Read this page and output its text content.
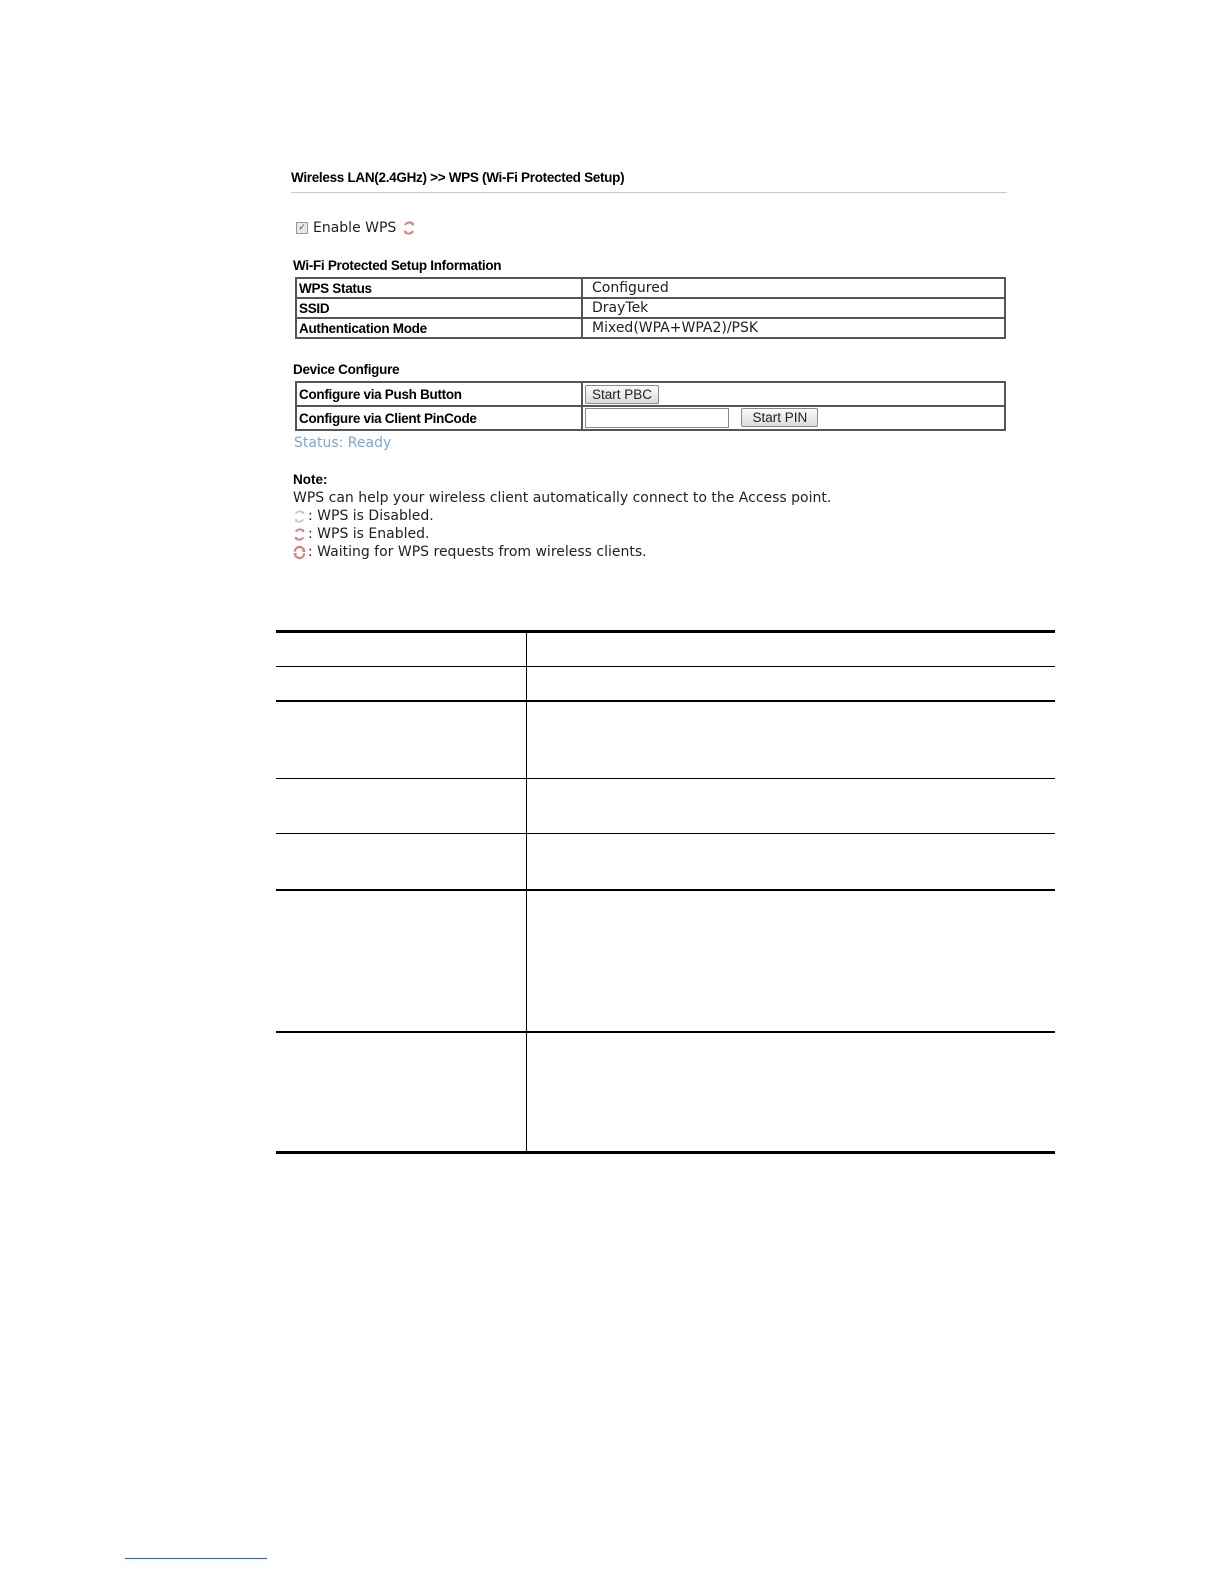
Wireless LAN(2.4GHz) >> WPS (Wi-Fi Protected Setup)
✓ Enable WPS
Wi-Fi Protected Setup Information
WPS Status	Configured
SSID	DrayTek
Authentication Mode	Mixed(WPA+WPA2)/PSK
Device Configure
Configure via Push Button	Start PBC
Configure via Client PinCode	Start PIN
Status: Ready
Note:
WPS can help your wireless client automatically connect to the Access point.
: WPS is Disabled.
: WPS is Enabled.
: Waiting for WPS requests from wireless clients.
